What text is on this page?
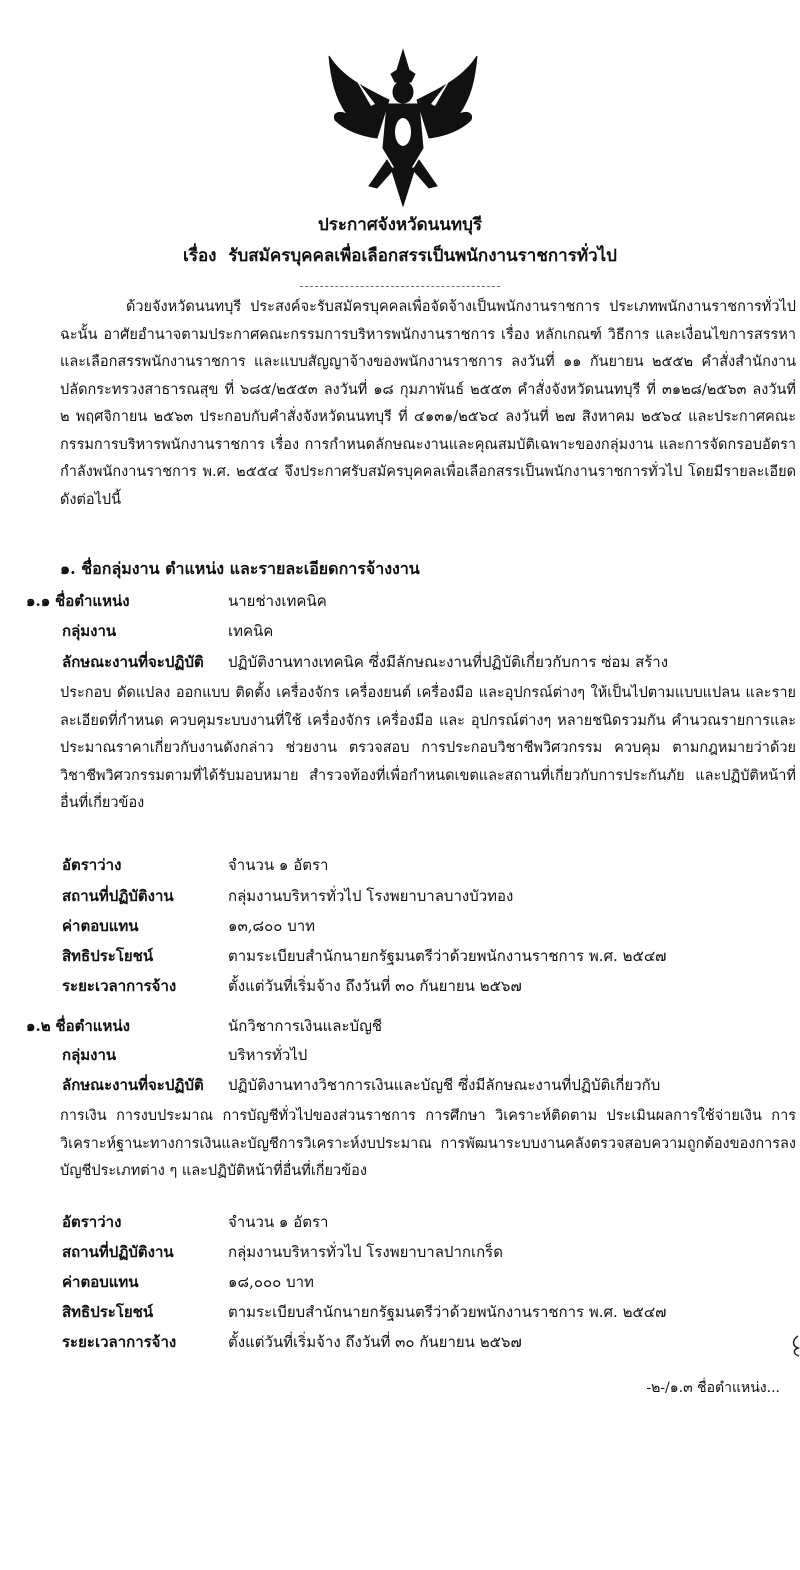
ประกาศจังหวัดนนทบุรี
เรื่อง รับสมัครบุคคลเพื่อเลือกสรรเป็นพนักงานราชการทั่วไป
ด้วยจังหวัดนนทบุรี ประสงค์จะรับสมัครบุคคลเพื่อจัดจ้างเป็นพนักงานราชการ ประเภทพนักงานราชการทั่วไป ฉะนั้น อาศัยอำนาจตามประกาศคณะกรรมการบริหารพนักงานราชการ เรื่อง หลักเกณฑ์ วิธีการ และเงื่อนไขการสรรหาและเลือกสรรพนักงานราชการ และแบบสัญญาจ้างของพนักงานราชการ ลงวันที่ ๑๑ กันยายน ๒๕๕๒ คำสั่งสำนักงานปลัดกระทรวงสาธารณสุข ที่ ๖๘๕/๒๕๕๓ ลงวันที่ ๑๘ กุมภาพันธ์ ๒๕๕๓ คำสั่งจังหวัดนนทบุรี ที่ ๓๑๒๘/๒๕๖๓ ลงวันที่ ๒ พฤศจิกายน ๒๕๖๓ ประกอบกับคำสั่งจังหวัดนนทบุรี ที่ ๔๑๓๑/๒๕๖๔ ลงวันที่ ๒๗ สิงหาคม ๒๕๖๔ และประกาศคณะกรรมการบริหารพนักงานราชการ เรื่อง การกำหนดลักษณะงานและคุณสมบัติเฉพาะของกลุ่มงาน และการจัดกรอบอัตรากำลังพนักงานราชการ พ.ศ. ๒๕๕๔ จึงประกาศรับสมัครบุคคลเพื่อเลือกสรรเป็นพนักงานราชการทั่วไป โดยมีรายละเอียดดังต่อไปนี้
๑. ชื่อกลุ่มงาน ตำแหน่ง และรายละเอียดการจ้างงาน
๑.๑ ชื่อตำแหน่ง	นายช่างเทคนิค
กลุ่มงาน	เทคนิค
ลักษณะงานที่จะปฏิบัติ ปฏิบัติงานทางเทคนิค ซึ่งมีลักษณะงานที่ปฏิบัติเกี่ยวกับการ ซ่อม สร้าง
ประกอบ ดัดแปลง ออกแบบ ติดตั้ง เครื่องจักร เครื่องยนต์ เครื่องมือ และอุปกรณ์ต่างๆ ให้เป็นไปตามแบบแปลน และรายละเอียดที่กำหนด ควบคุมระบบงานที่ใช้ เครื่องจักร เครื่องมือ และ อุปกรณ์ต่างๆ หลายชนิดรวมกัน คำนวณรายการและประมาณราคาเกี่ยวกับงานดังกล่าว ช่วยงาน ตรวจสอบ การประกอบวิชาชีพวิศวกรรม ควบคุม ตามกฎหมายว่าด้วยวิชาชีพวิศวกรรมตามที่ได้รับมอบหมาย สำรวจท้องที่เพื่อกำหนดเขตและสถานที่เกี่ยวกับการประกันภัย และปฏิบัติหน้าที่อื่นที่เกี่ยวข้อง
อัตราว่าง	จำนวน ๑ อัตรา
สถานที่ปฏิบัติงาน	กลุ่มงานบริหารทั่วไป โรงพยาบาลบางบัวทอง
ค่าตอบแทน	๑๓,๘๐๐ บาท
สิทธิประโยชน์	ตามระเบียบสำนักนายกรัฐมนตรีว่าด้วยพนักงานราชการ พ.ศ. ๒๕๔๗
ระยะเวลาการจ้าง	ตั้งแต่วันที่เริ่มจ้าง ถึงวันที่ ๓๐ กันยายน ๒๕๖๗
๑.๒ ชื่อตำแหน่ง	นักวิชาการเงินและบัญชี
กลุ่มงาน	บริหารทั่วไป
ลักษณะงานที่จะปฏิบัติ ปฏิบัติงานทางวิชาการเงินและบัญชี ซึ่งมีลักษณะงานที่ปฏิบัติเกี่ยวกับ
การเงิน การงบประมาณ การบัญชีทั่วไปของส่วนราชการ การศึกษา วิเคราะห์ติดตาม ประเมินผลการใช้จ่ายเงิน การวิเคราะห์ฐานะทางการเงินและบัญชีการวิเคราะห์งบประมาณ การพัฒนาระบบงานคลังตรวจสอบความถูกต้องของการลงบัญชีประเภทต่าง ๆ และปฏิบัติหน้าที่อื่นที่เกี่ยวข้อง
อัตราว่าง	จำนวน ๑ อัตรา
สถานที่ปฏิบัติงาน	กลุ่มงานบริหารทั่วไป โรงพยาบาลปากเกร็ด
ค่าตอบแทน	๑๘,๐๐๐ บาท
สิทธิประโยชน์	ตามระเบียบสำนักนายกรัฐมนตรีว่าด้วยพนักงานราชการ พ.ศ. ๒๕๔๗
ระยะเวลาการจ้าง	ตั้งแต่วันที่เริ่มจ้าง ถึงวันที่ ๓๐ กันยายน ๒๕๖๗
-๒-/๑.๓ ชื่อตำแหน่ง...
